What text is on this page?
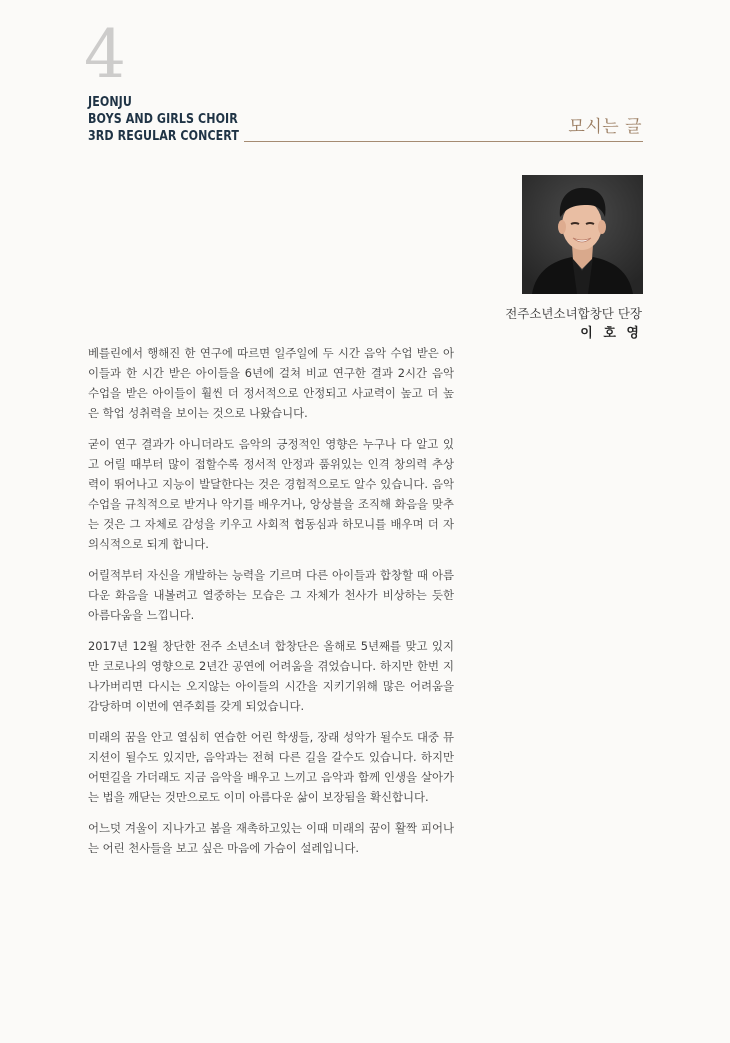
4
JEONJU
BOYS AND GIRLS CHOIR
3RD REGULAR CONCERT	모시는 글
전주소년소녀합창단 단장
이 호 영

베를린에서 행해진 한 연구에 따르면 일주일에 두 시간 음악 수업 받은 아이들과 한 시간 받은 아이들을 6년에 걸쳐 비교 연구한 결과 2시간 음악 수업을 받은 아이들이 훨씬 더 정서적으로 안정되고 사교력이 높고 더 높은 학업 성취력을 보이는 것으로 나왔습니다.

굳이 연구 결과가 아니더라도 음악의 긍정적인 영향은 누구나 다 알고 있고 어릴 때부터 많이 접할수록 정서적 안정과 품위있는 인격 창의력 추상력이 뛰어나고 지능이 발달한다는 것은 경험적으로도 알수 있습니다. 음악수업을 규칙적으로 받거나 악기를 배우거나, 앙상블을 조직해 화음을 맞추는 것은 그 자체로 감성을 키우고 사회적 협동심과 하모니를 배우며 더 자의식적으로 되게 합니다.

어릴적부터 자신을 개발하는 능력을 기르며 다른 아이들과 합창할 때 아름다운 화음을 내볼려고 열중하는 모습은 그 자체가 천사가 비상하는 듯한 아름다움을 느낍니다.

2017년 12월 창단한 전주 소년소녀 합창단은 올해로 5년째를 맞고 있지만 코로나의 영향으로 2년간 공연에 어려움을 겪었습니다. 하지만 한번 지나가버리면 다시는 오지않는 아이들의 시간을 지키기위해 많은 어려움을 감당하며 이번에 연주회를 갖게 되었습니다.

미래의 꿈을 안고 열심히 연습한 어린 학생들, 장래 성악가 될수도 대중 뮤지션이 될수도 있지만, 음악과는 전혀 다른 길을 갈수도 있습니다. 하지만 어떤길을 가더래도 지금 음악을 배우고 느끼고 음악과 함께 인생을 살아가는 법을 깨닫는 것만으로도 이미 아름다운 삶이 보장됨을 확신합니다.

어느덧 겨울이 지나가고 봄을 재촉하고있는 이때 미래의 꿈이 활짝 피어나는 어린 천사들을 보고 싶은 마음에 가슴이 설레입니다.
